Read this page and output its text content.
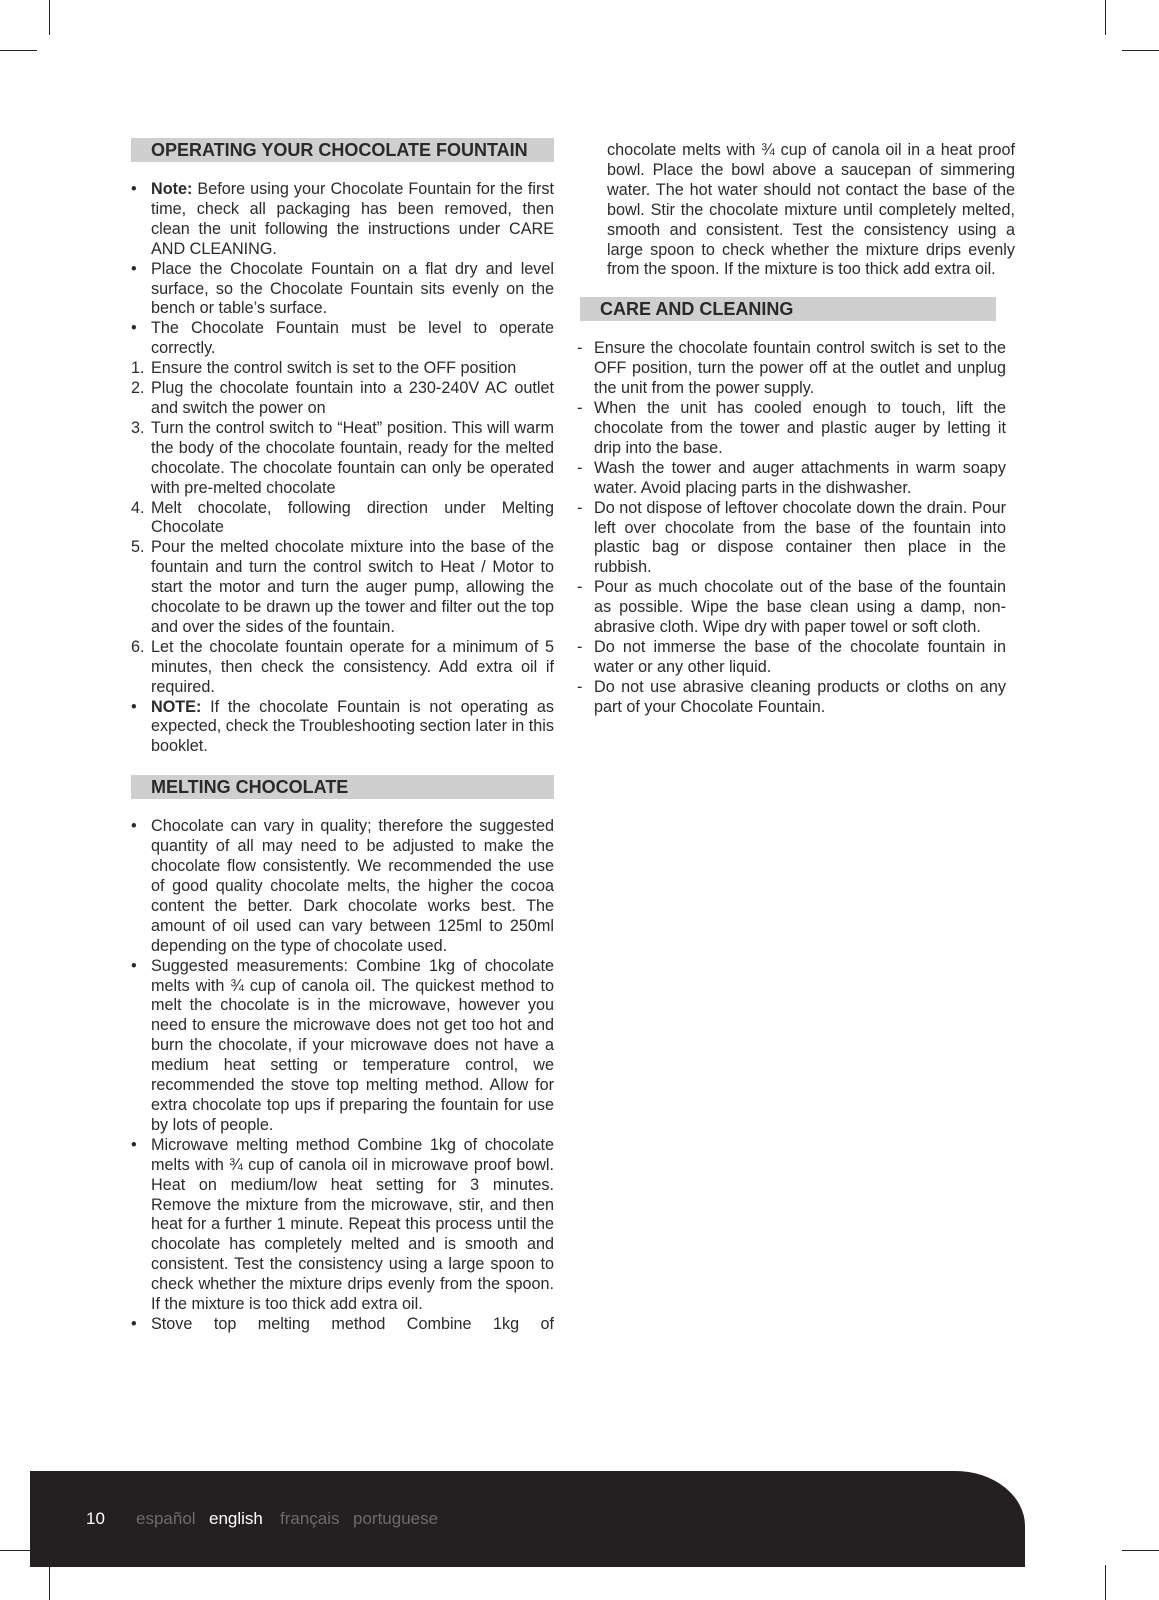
OPERATING YOUR CHOCOLATE FOUNTAIN
• Note: Before using your Chocolate Fountain for the first time, check all packaging has been removed, then clean the unit following the instructions under CARE AND CLEANING.
• Place the Chocolate Fountain on a flat dry and level surface, so the Chocolate Fountain sits evenly on the bench or table’s surface.
• The Chocolate Fountain must be level to operate correctly.
1. Ensure the control switch is set to the OFF position
2. Plug the chocolate fountain into a 230-240V AC outlet and switch the power on
3. Turn the control switch to “Heat” position. This will warm the body of the chocolate fountain, ready for the melted chocolate. The chocolate fountain can only be operated with pre-melted chocolate
4. Melt chocolate, following direction under Melting Chocolate
5. Pour the melted chocolate mixture into the base of the fountain and turn the control switch to Heat / Motor to start the motor and turn the auger pump, allowing the chocolate to be drawn up the tower and filter out the top and over the sides of the fountain.
6. Let the chocolate fountain operate for a minimum of 5 minutes, then check the consistency. Add extra oil if required.
• NOTE: If the chocolate Fountain is not operating as expected, check the Troubleshooting section later in this booklet.
MELTING CHOCOLATE
• Chocolate can vary in quality; therefore the suggested quantity of all may need to be adjusted to make the chocolate flow consistently. We recommended the use of good quality chocolate melts, the higher the cocoa content the better. Dark chocolate works best. The amount of oil used can vary between 125ml to 250ml depending on the type of chocolate used.
• Suggested measurements: Combine 1kg of chocolate melts with ¾ cup of canola oil. The quickest method to melt the chocolate is in the microwave, however you need to ensure the microwave does not get too hot and burn the chocolate, if your microwave does not have a medium heat setting or temperature control, we recommended the stove top melting method. Allow for extra chocolate top ups if preparing the fountain for use by lots of people.
• Microwave melting method Combine 1kg of chocolate melts with ¾ cup of canola oil in microwave proof bowl. Heat on medium/low heat setting for 3 minutes. Remove the mixture from the microwave, stir, and then heat for a further 1 minute. Repeat this process until the chocolate has completely melted and is smooth and consistent. Test the consistency using a large spoon to check whether the mixture drips evenly from the spoon. If the mixture is too thick add extra oil.
• Stove top melting method Combine 1kg of
chocolate melts with ¾ cup of canola oil in a heat proof bowl. Place the bowl above a saucepan of simmering water. The hot water should not contact the base of the bowl. Stir the chocolate mixture until completely melted, smooth and consistent. Test the consistency using a large spoon to check whether the mixture drips evenly from the spoon. If the mixture is too thick add extra oil.
CARE AND CLEANING
- Ensure the chocolate fountain control switch is set to the OFF position, turn the power off at the outlet and unplug the unit from the power supply.
- When the unit has cooled enough to touch, lift the chocolate from the tower and plastic auger by letting it drip into the base.
- Wash the tower and auger attachments in warm soapy water. Avoid placing parts in the dishwasher.
- Do not dispose of leftover chocolate down the drain. Pour left over chocolate from the base of the fountain into plastic bag or dispose container then place in the rubbish.
- Pour as much chocolate out of the base of the fountain as possible. Wipe the base clean using a damp, non-abrasive cloth. Wipe dry with paper towel or soft cloth.
- Do not immerse the base of the chocolate fountain in water or any other liquid.
- Do not use abrasive cleaning products or cloths on any part of your Chocolate Fountain.
10 español english français portuguese
